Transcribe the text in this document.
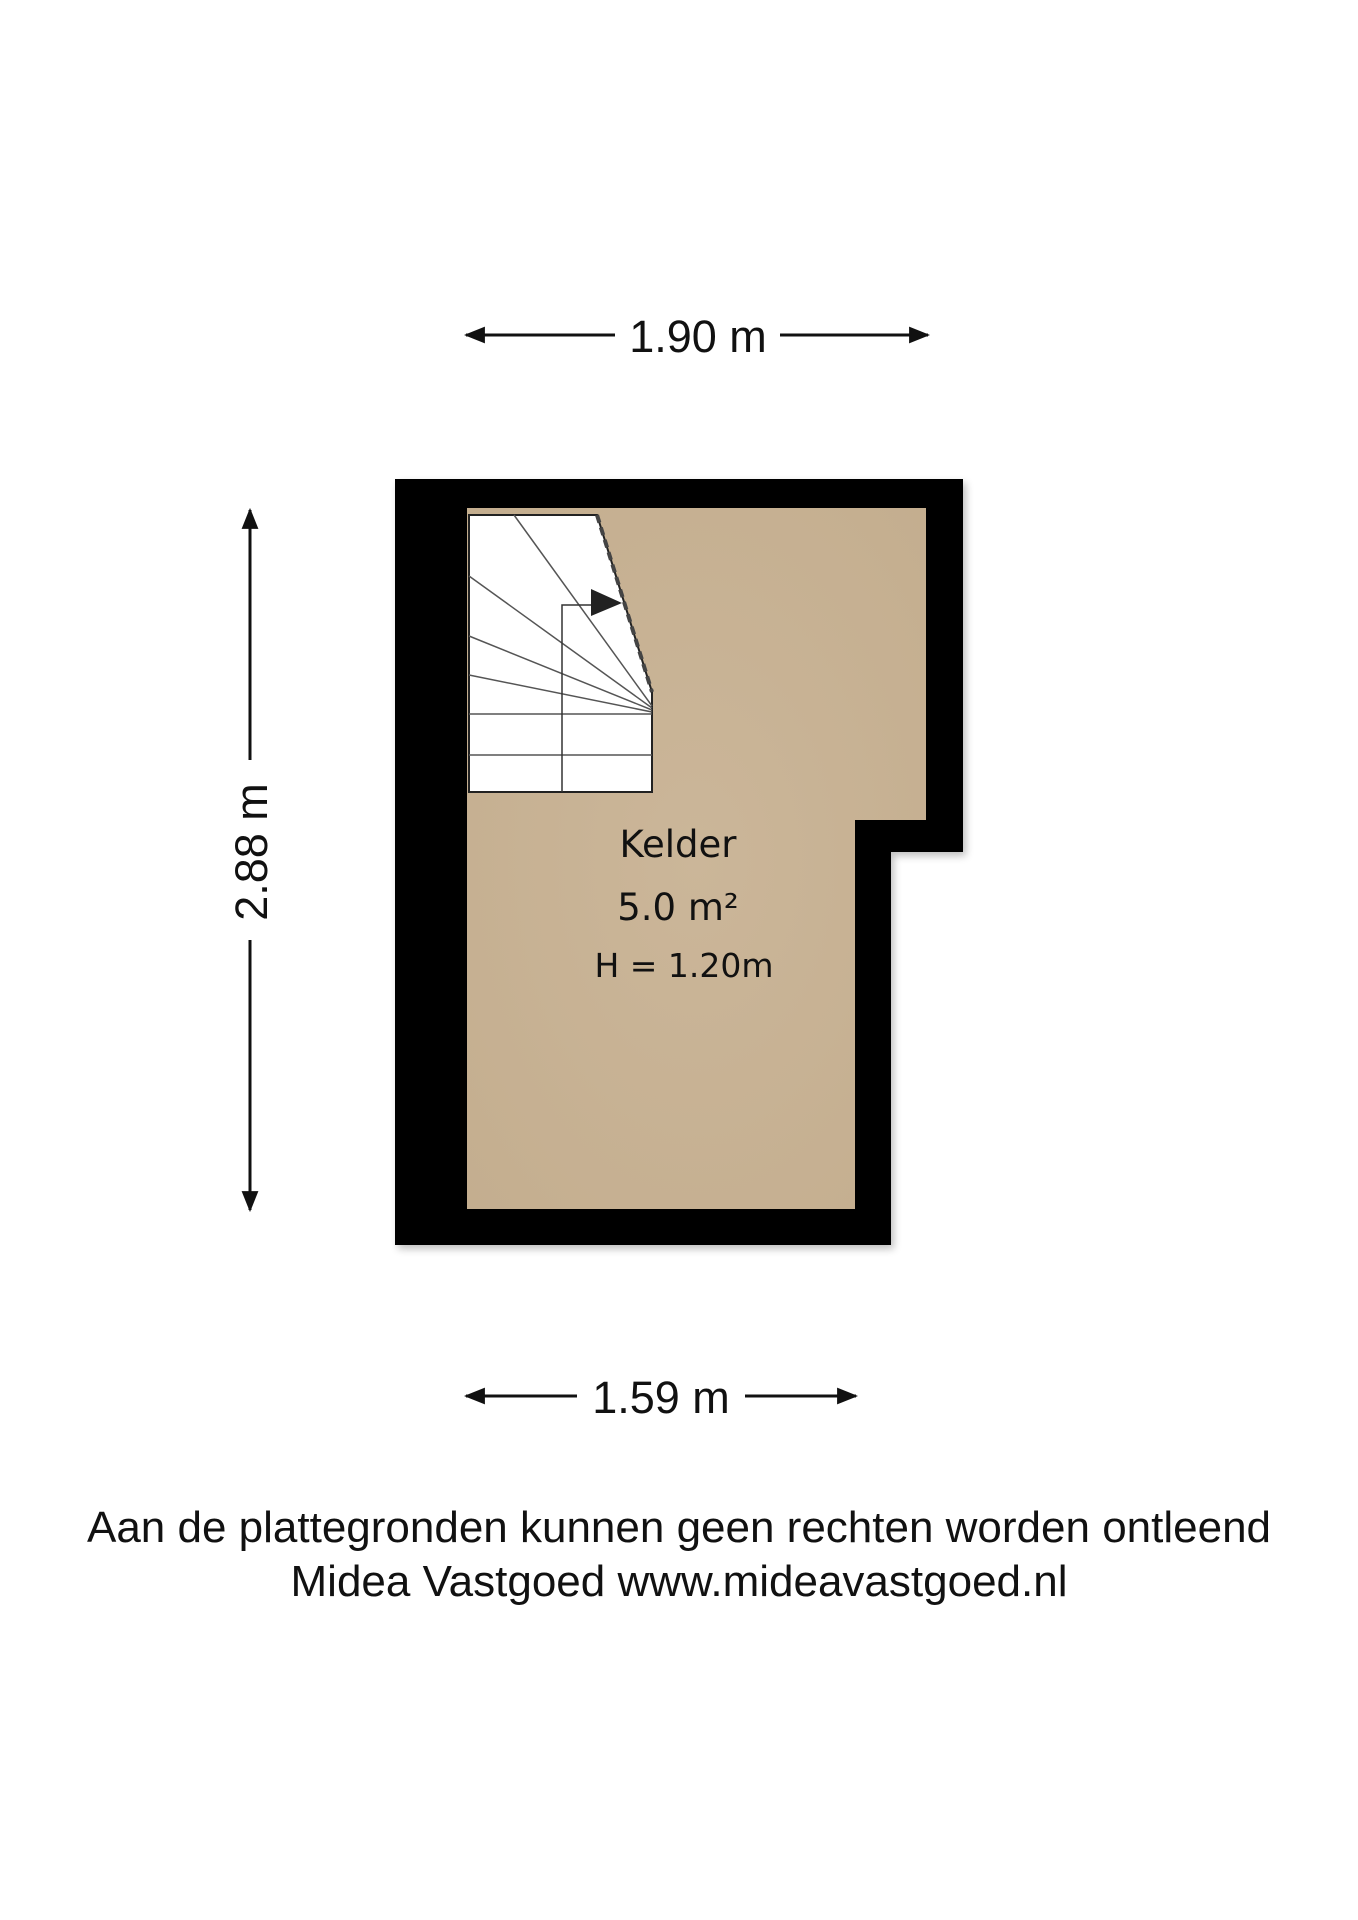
1.90 m
2.88 m
1.59 m
Kelder
5.0 m²
H = 1.20m
Aan de plattegronden kunnen geen rechten worden ontleend
Midea Vastgoed www.mideavastgoed.nl
